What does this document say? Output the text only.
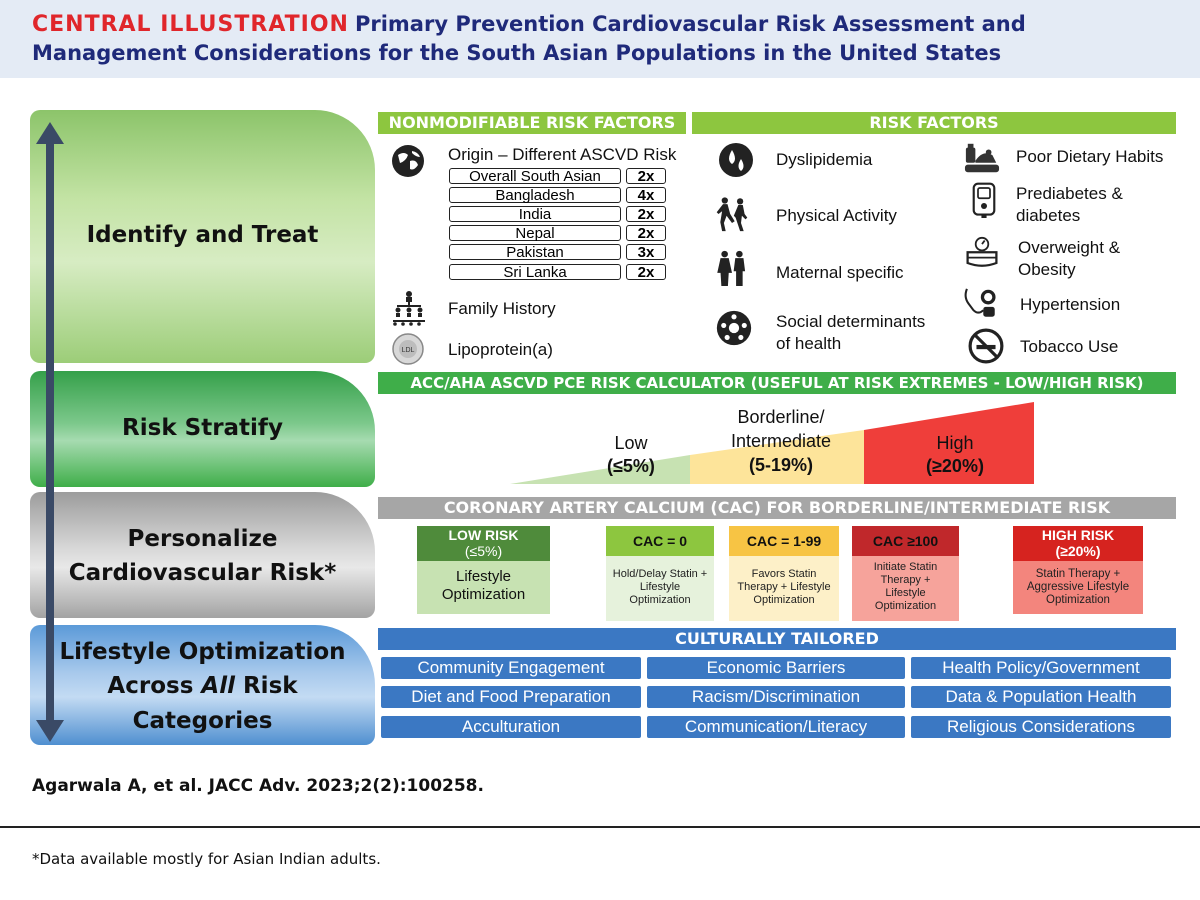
CENTRAL ILLUSTRATION Primary Prevention Cardiovascular Risk Assessment and Management Considerations for the South Asian Populations in the United States
Identify and Treat
Risk Stratify
Personalize
Cardiovascular Risk*
Lifestyle Optimization
Across All Risk
Categories
NONMODIFIABLE RISK FACTORS
Origin – Different ASCVD Risk
Overall South Asian	2x
Bangladesh	4x
India	2x
Nepal	2x
Pakistan	3x
Sri Lanka	2x
Family History
LDL Lipoprotein(a)
RISK FACTORS
Dyslipidemia
Physical Activity
Maternal specific
Social determinants
of health
Poor Dietary Habits
Prediabetes &
diabetes
Overweight &
Obesity
Hypertension
Tobacco Use
ACC/AHA ASCVD PCE RISK CALCULATOR (USEFUL AT RISK EXTREMES - LOW/HIGH RISK)
Low
(≤5%)
Borderline/
Intermediate
(5-19%)
High
(≥20%)
CORONARY ARTERY CALCIUM (CAC) FOR BORDERLINE/INTERMEDIATE RISK
LOW RISK
(≤5%)
Lifestyle
Optimization
CAC = 0
Hold/Delay Statin +
Lifestyle
Optimization
CAC = 1-99
Favors Statin
Therapy + Lifestyle
Optimization
CAC ≥100
Initiate Statin
Therapy +
Lifestyle
Optimization
HIGH RISK
(≥20%)
Statin Therapy +
Aggressive Lifestyle
Optimization
CULTURALLY TAILORED
Community Engagement	Economic Barriers	Health Policy/Government
Diet and Food Preparation	Racism/Discrimination	Data & Population Health
Acculturation	Communication/Literacy	Religious Considerations
Agarwala A, et al. JACC Adv. 2023;2(2):100258.
*Data available mostly for Asian Indian adults.
